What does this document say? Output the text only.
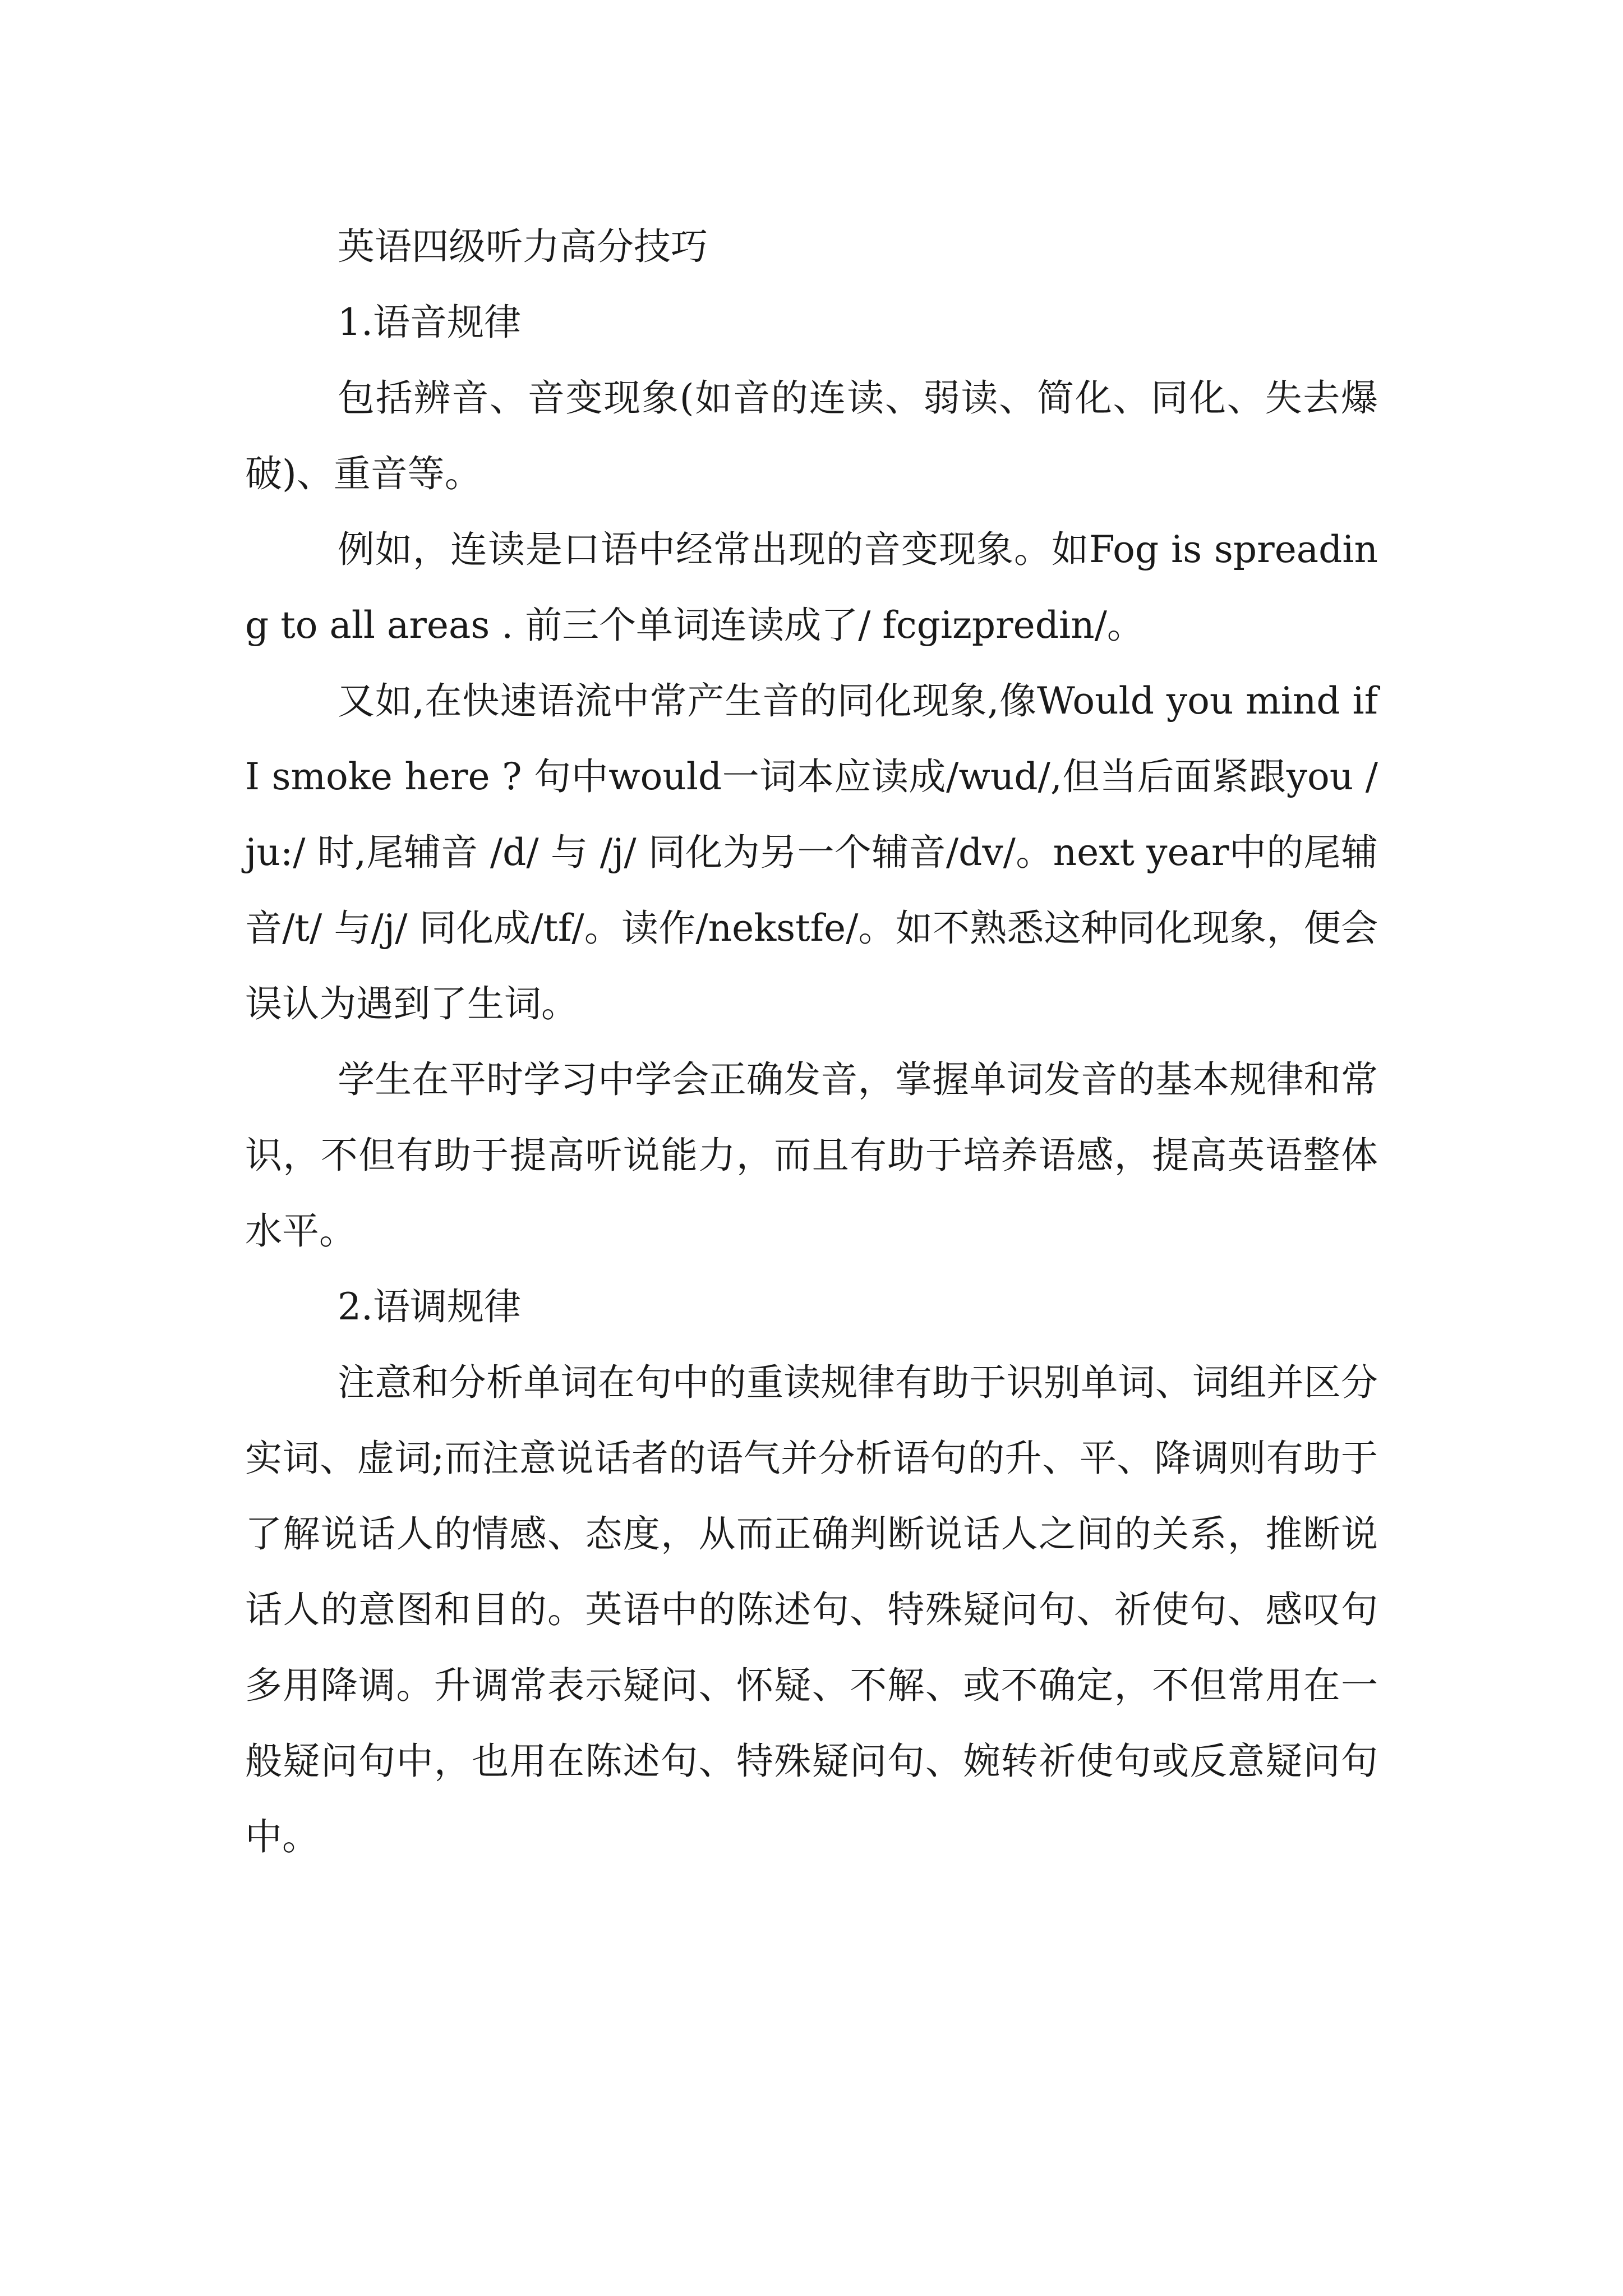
英语四级听力高分技巧

1.语音规律

包括辨音、音变现象(如音的连读、弱读、简化、同化、失去爆破)、重音等。

例如，连读是口语中经常出现的音变现象。如Fog is spreading to all areas . 前三个单词连读成了/ fcgizpredin/。

又如,在快速语流中常产生音的同化现象,像Would you mind if I smoke here ? 句中would一词本应读成/wud/,但当后面紧跟you /ju:/ 时,尾辅音 /d/ 与 /j/ 同化为另一个辅音/dv/。next year中的尾辅音/t/ 与/j/ 同化成/tf/。读作/nekstfe/。如不熟悉这种同化现象，便会误认为遇到了生词。

学生在平时学习中学会正确发音，掌握单词发音的基本规律和常识，不但有助于提高听说能力，而且有助于培养语感，提高英语整体水平。

2.语调规律

注意和分析单词在句中的重读规律有助于识别单词、词组并区分实词、虚词;而注意说话者的语气并分析语句的升、平、降调则有助于了解说话人的情感、态度，从而正确判断说话人之间的关系，推断说话人的意图和目的。英语中的陈述句、特殊疑问句、祈使句、感叹句多用降调。升调常表示疑问、怀疑、不解、或不确定，不但常用在一般疑问句中，也用在陈述句、特殊疑问句、婉转祈使句或反意疑问句中。
